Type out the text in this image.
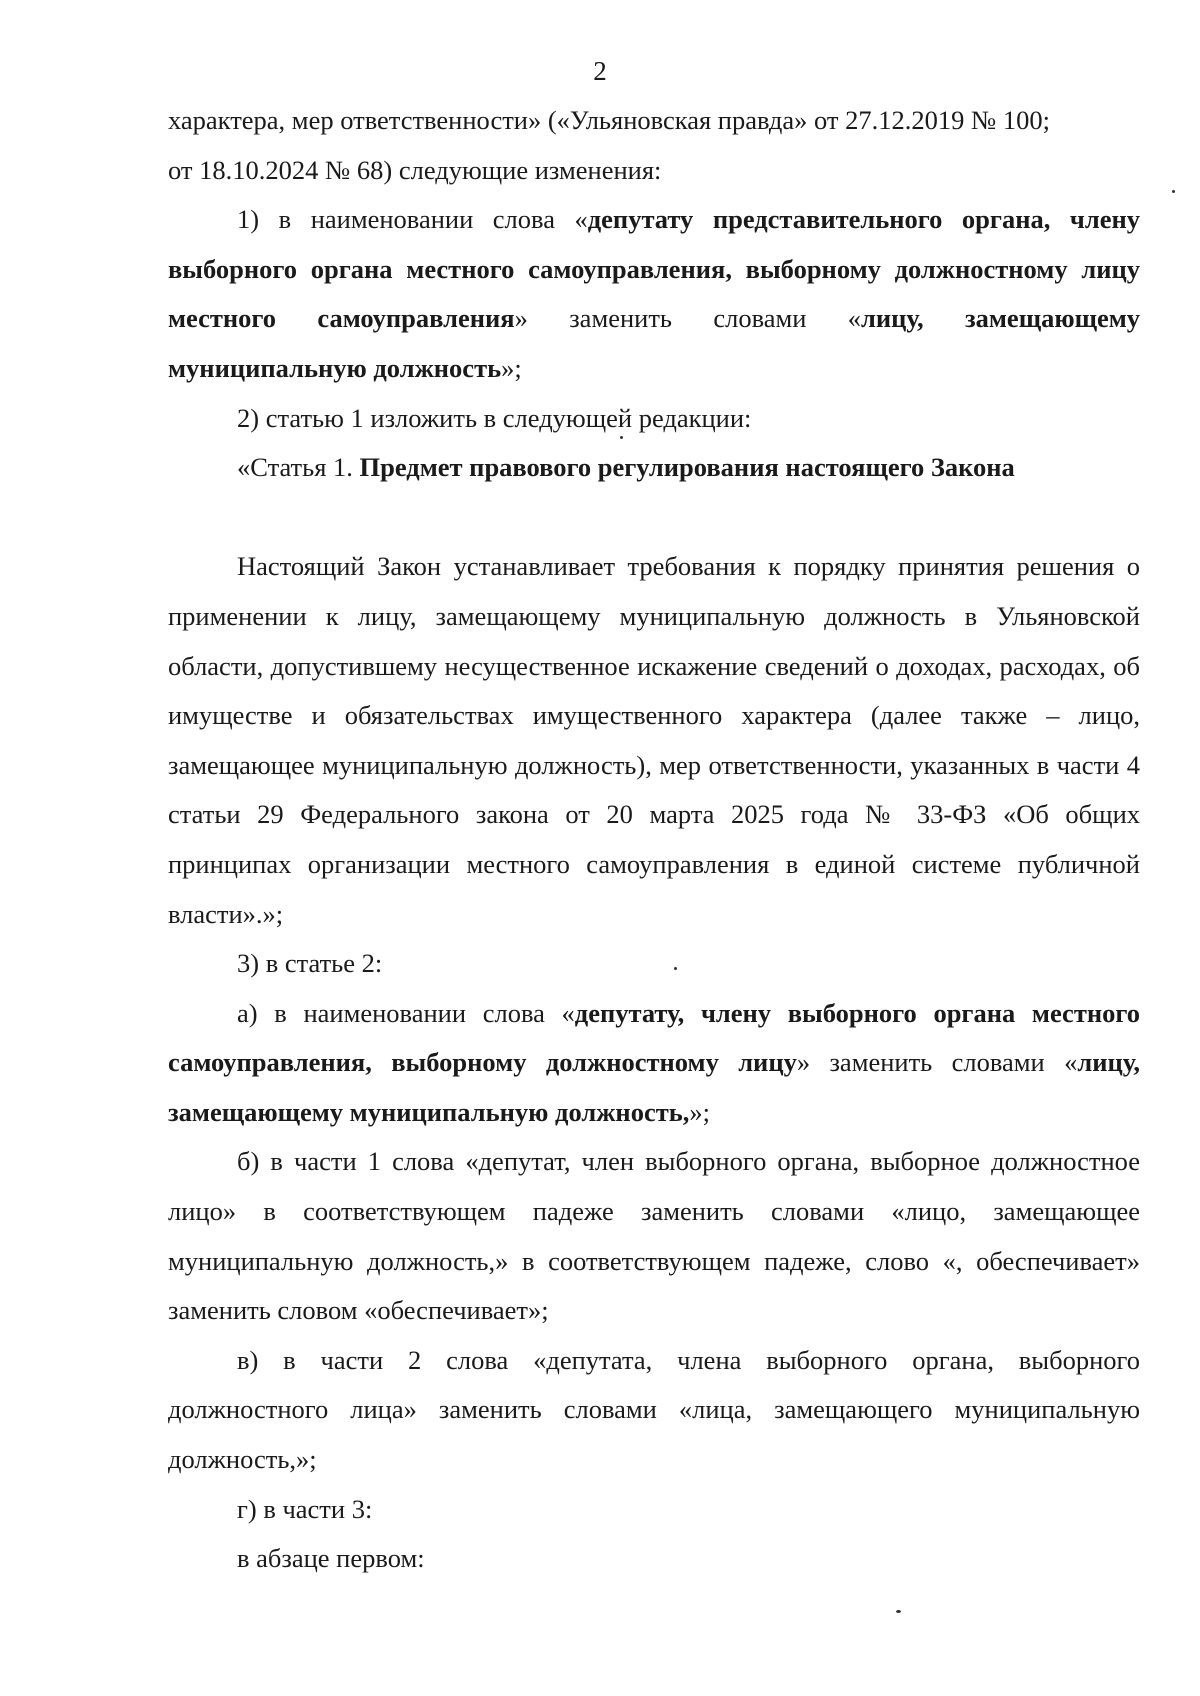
2

характера, мер ответственности» («Ульяновская правда» от 27.12.2019 № 100;
от 18.10.2024 № 68) следующие изменения:

1) в наименовании слова «депутату представительного органа, члену выборного органа местного самоуправления, выборному должностному лицу местного самоуправления» заменить словами «лицу, замещающему муниципальную должность»;

2) статью 1 изложить в следующей редакции:

«Статья 1. Предмет правового регулирования настоящего Закона

Настоящий Закон устанавливает требования к порядку принятия решения о применении к лицу, замещающему муниципальную должность в Ульяновской области, допустившему несущественное искажение сведений о доходах, расходах, об имуществе и обязательствах имущественного характера (далее также – лицо, замещающее муниципальную должность), мер ответственности, указанных в части 4 статьи 29 Федерального закона от 20 марта 2025 года № 33-ФЗ «Об общих принципах организации местного самоуправления в единой системе публичной власти».»;

3) в статье 2:

а) в наименовании слова «депутату, члену выборного органа местного самоуправления, выборному должностному лицу» заменить словами «лицу, замещающему муниципальную должность,»;

б) в части 1 слова «депутат, член выборного органа, выборное должностное лицо» в соответствующем падеже заменить словами «лицо, замещающее муниципальную должность,» в соответствующем падеже, слово «, обеспечивает» заменить словом «обеспечивает»;

в) в части 2 слова «депутата, члена выборного органа, выборного должностного лица» заменить словами «лица, замещающего муниципальную должность,»;

г) в части 3:

в абзаце первом:
